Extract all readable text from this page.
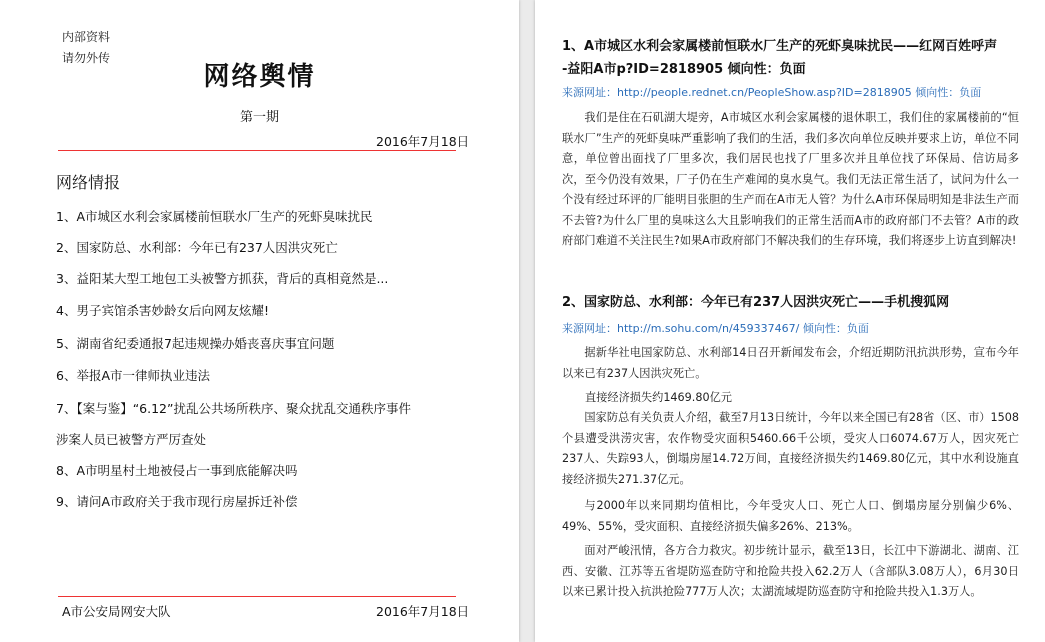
内部资料
请勿外传
网络舆情
第一期
2016年7月18日
网络情报
1、A市城区水利会家属楼前恒联水厂生产的死虾臭味扰民
2、国家防总、水利部：今年已有237人因洪灾死亡
3、益阳某大型工地包工头被警方抓获，背后的真相竟然是...
4、男子宾馆杀害妙龄女后向网友炫耀!
5、湖南省纪委通报7起违规操办婚丧喜庆事宜问题
6、举报A市一律师执业违法
7、【案与鉴】“6.12”扰乱公共场所秩序、聚众扰乱交通秩序事件
涉案人员已被警方严厉查处
8、A市明星村土地被侵占一事到底能解决吗
9、请问A市政府关于我市现行房屋拆迁补偿
A市公安局网安大队	2016年7月18日
1、A市城区水利会家属楼前恒联水厂生产的死虾臭味扰民——红网百姓呼声
-益阳A市p?ID=2818905 倾向性：负面
来源网址：http://people.rednet.cn/PeopleShow.asp?ID=2818905 倾向性：负面
我们是住在石矶湖大堤旁，A市城区水利会家属楼的退休职工，我们住的家属楼前的“恒联水厂”生产的死虾臭味严重影响了我们的生活，我们多次向单位反映并要求上访，单位不同意，单位曾出面找了厂里多次，我们居民也找了厂里多次并且单位找了环保局、信访局多次，至今仍没有效果，厂子仍在生产难闻的臭水臭气。我们无法正常生活了，试问为什么一个没有经过环评的厂能明目张胆的生产而在A市无人管？为什么A市环保局明知是非法生产而不去管?为什么厂里的臭味这么大且影响我们的正常生活而A市的政府部门不去管？A市的政府部门难道不关注民生?如果A市政府部门不解决我们的生存环境，我们将逐步上访直到解决!
2、国家防总、水利部：今年已有237人因洪灾死亡——手机搜狐网
来源网址：http://m.sohu.com/n/459337467/ 倾向性：负面
据新华社电国家防总、水利部14日召开新闻发布会，介绍近期防汛抗洪形势，宣布今年以来已有237人因洪灾死亡。
直接经济损失约1469.80亿元
国家防总有关负责人介绍，截至7月13日统计，今年以来全国已有28省（区、市）1508个县遭受洪涝灾害，农作物受灾面积5460.66千公顷，受灾人口6074.67万人，因灾死亡237人、失踪93人，倒塌房屋14.72万间，直接经济损失约1469.80亿元，其中水利设施直接经济损失271.37亿元。
与2000年以来同期均值相比，今年受灾人口、死亡人口、倒塌房屋分别偏少6%、49%、55%，受灾面积、直接经济损失偏多26%、213%。
面对严峻汛情，各方合力救灾。初步统计显示，截至13日，长江中下游湖北、湖南、江西、安徽、江苏等五省堤防巡查防守和抢险共投入62.2万人（含部队3.08万人），6月30日以来已累计投入抗洪抢险777万人次；太湖流域堤防巡查防守和抢险共投入1.3万人。
